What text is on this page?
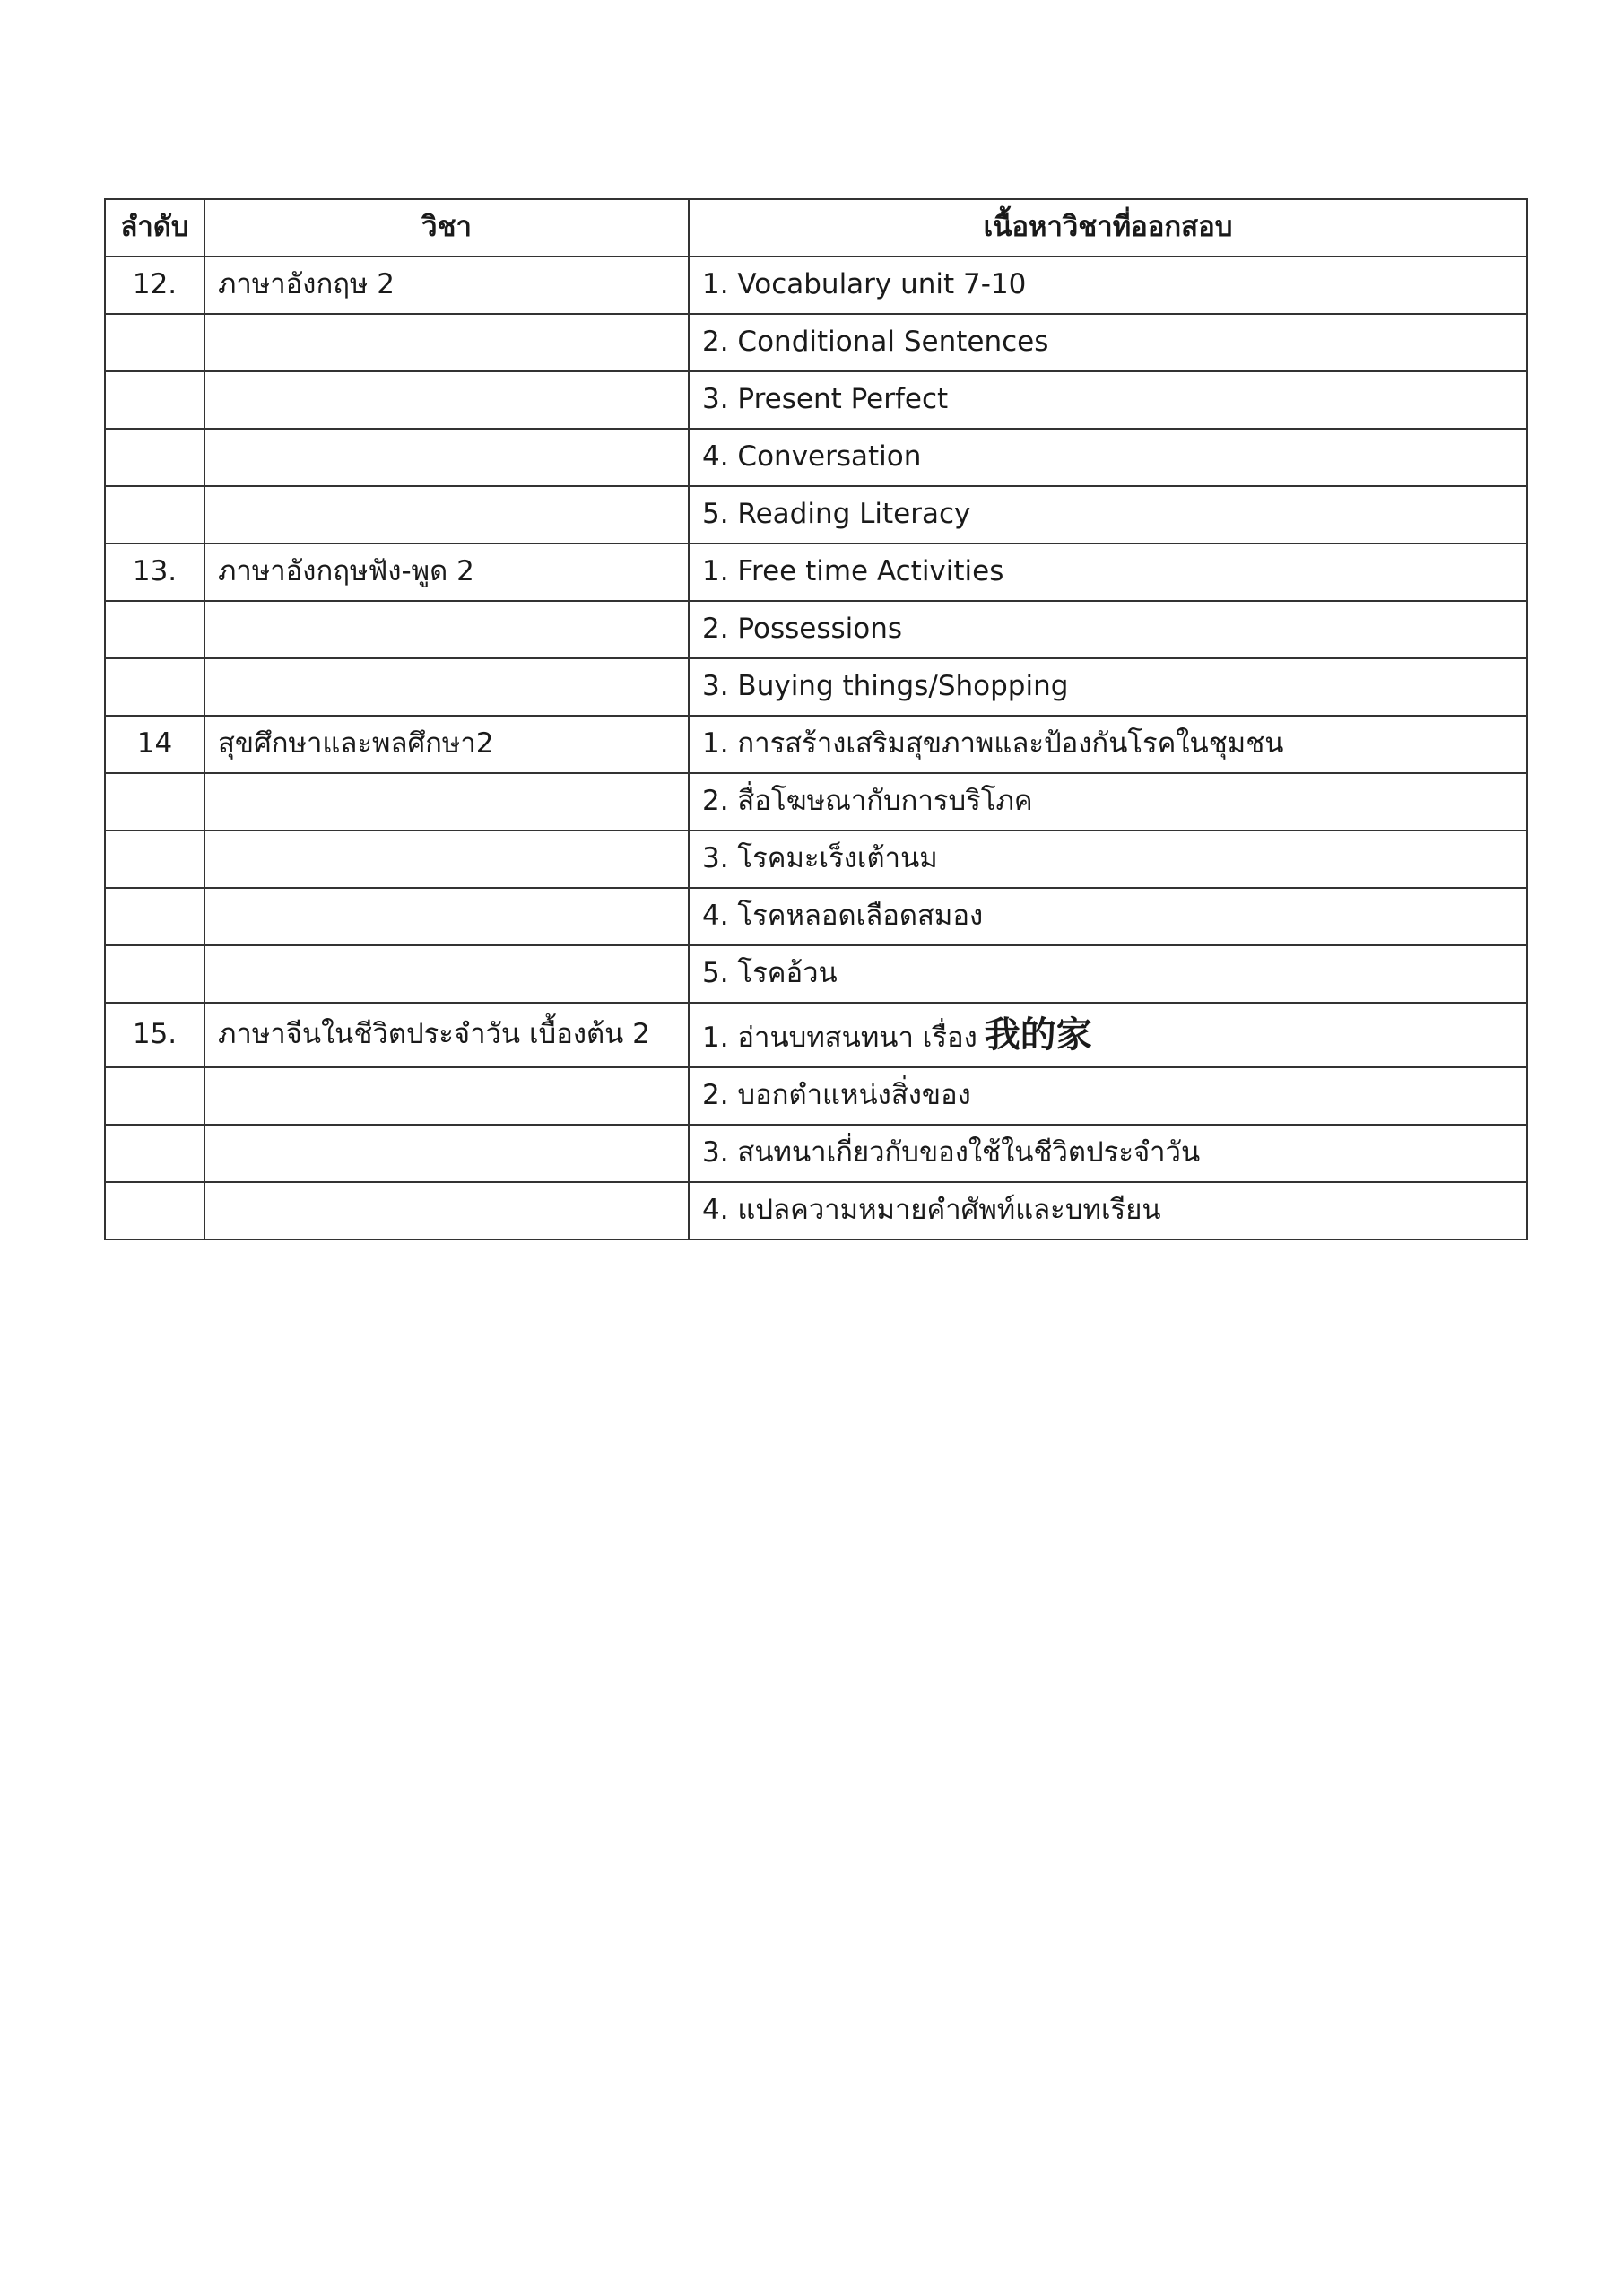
ลำดับ	วิชา	เนื้อหาวิชาที่ออกสอบ
12.	ภาษาอังกฤษ 2	1. Vocabulary unit 7-10
		2. Conditional Sentences
		3. Present Perfect
		4. Conversation
		5. Reading Literacy
13.	ภาษาอังกฤษฟัง-พูด 2	1. Free time Activities
		2. Possessions
		3. Buying things/Shopping
14	สุขศึกษาและพลศึกษา2	1. การสร้างเสริมสุขภาพและป้องกันโรคในชุมชน
		2. สื่อโฆษณากับการบริโภค
		3. โรคมะเร็งเต้านม
		4. โรคหลอดเลือดสมอง
		5. โรคอ้วน
15.	ภาษาจีนในชีวิตประจำวัน เบื้องต้น 2	1. อ่านบทสนทนา เรื่อง 我的家
		2. บอกตำแหน่งสิ่งของ
		3. สนทนาเกี่ยวกับของใช้ในชีวิตประจำวัน
		4. แปลความหมายคำศัพท์และบทเรียน
